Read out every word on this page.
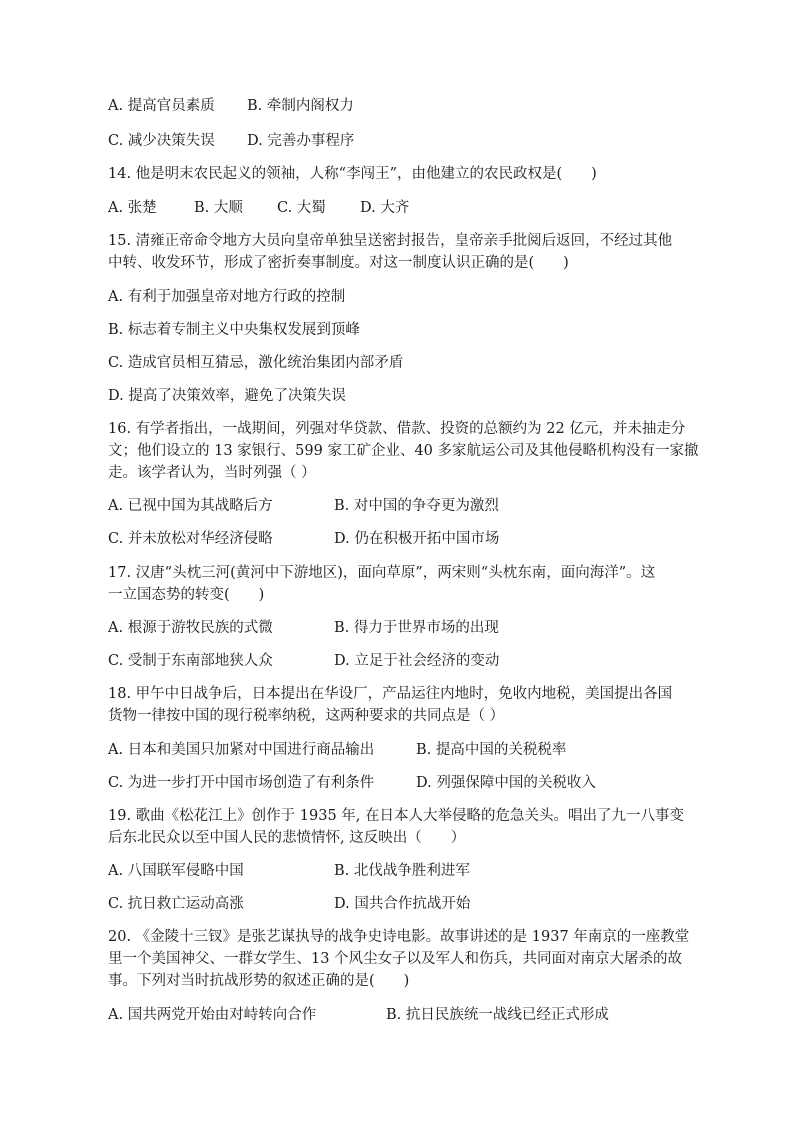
A. 提高官员素质 B. 牵制内阁权力
C. 减少决策失误 D. 完善办事程序
14. 他是明末农民起义的领袖，人称“李闯王”，由他建立的农民政权是(　　)
A. 张楚	B. 大顺 C. 大蜀 D. 大齐
15. 清雍正帝命令地方大员向皇帝单独呈送密封报告，皇帝亲手批阅后返回，不经过其他
中转、收发环节，形成了密折奏事制度。对这一制度认识正确的是(　　)
A. 有利于加强皇帝对地方行政的控制
B. 标志着专制主义中央集权发展到顶峰
C. 造成官员相互猜忌，激化统治集团内部矛盾
D. 提高了决策效率，避免了决策失误
16. 有学者指出，一战期间，列强对华贷款、借款、投资的总额约为 22 亿元，并未抽走分
文；他们设立的 13 家银行、599 家工矿企业、40 多家航运公司及其他侵略机构没有一家撤
走。该学者认为，当时列强（ ）
A. 已视中国为其战略后方	B. 对中国的争夺更为激烈
C. 并未放松对华经济侵略	D. 仍在积极开拓中国市场
17. 汉唐“头枕三河(黄河中下游地区)，面向草原”，两宋则“头枕东南，面向海洋”。这
一立国态势的转变(　　)
A. 根源于游牧民族的式微	B. 得力于世界市场的出现
C. 受制于东南部地狭人众	D. 立足于社会经济的变动
18. 甲午中日战争后，日本提出在华设厂，产品运往内地时，免收内地税，美国提出各国
货物一律按中国的现行税率纳税，这两种要求的共同点是（ ）
A. 日本和美国只加紧对中国进行商品输出	B. 提高中国的关税税率
C. 为进一步打开中国市场创造了有利条件	D. 列强保障中国的关税收入
19. 歌曲《松花江上》创作于 1935 年, 在日本人大举侵略的危急关头。唱出了九一八事变
后东北民众以至中国人民的悲愤情怀, 这反映出（　　）
A. 八国联军侵略中国	B. 北伐战争胜利进军
C. 抗日救亡运动高涨	D. 国共合作抗战开始
20. 《金陵十三钗》是张艺谋执导的战争史诗电影。故事讲述的是 1937 年南京的一座教堂
里一个美国神父、一群女学生、13 个风尘女子以及军人和伤兵，共同面对南京大屠杀的故
事。下列对当时抗战形势的叙述正确的是(　　)
A. 国共两党开始由对峙转向合作	B. 抗日民族统一战线已经正式形成
